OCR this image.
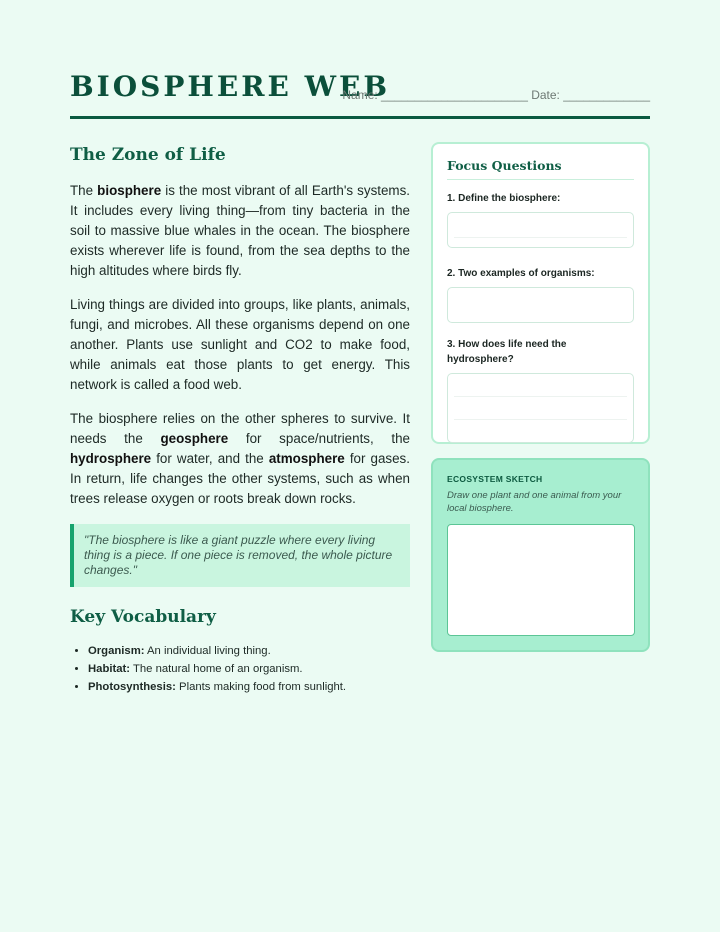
BIOSPHERE WEB
Name: ______________________ Date: _____________
The Zone of Life

The biosphere is the most vibrant of all Earth's systems. It includes every living thing—from tiny bacteria in the soil to massive blue whales in the ocean. The biosphere exists wherever life is found, from the sea depths to the high altitudes where birds fly.

Living things are divided into groups, like plants, animals, fungi, and microbes. All these organisms depend on one another. Plants use sunlight and CO2 to make food, while animals eat those plants to get energy. This network is called a food web.

The biosphere relies on the other spheres to survive. It needs the geosphere for space/nutrients, the hydrosphere for water, and the atmosphere for gases. In return, life changes the other systems, such as when trees release oxygen or roots break down rocks.

"The biosphere is like a giant puzzle where every living thing is a piece. If one piece is removed, the whole picture changes."
Key Vocabulary
• Organism: An individual living thing.
• Habitat: The natural home of an organism.
• Photosynthesis: Plants making food from sunlight.
Focus Questions
1. Define the biosphere:
2. Two examples of organisms:
3. How does life need the hydrosphere?
ECOSYSTEM SKETCH
Draw one plant and one animal from your local biosphere.
